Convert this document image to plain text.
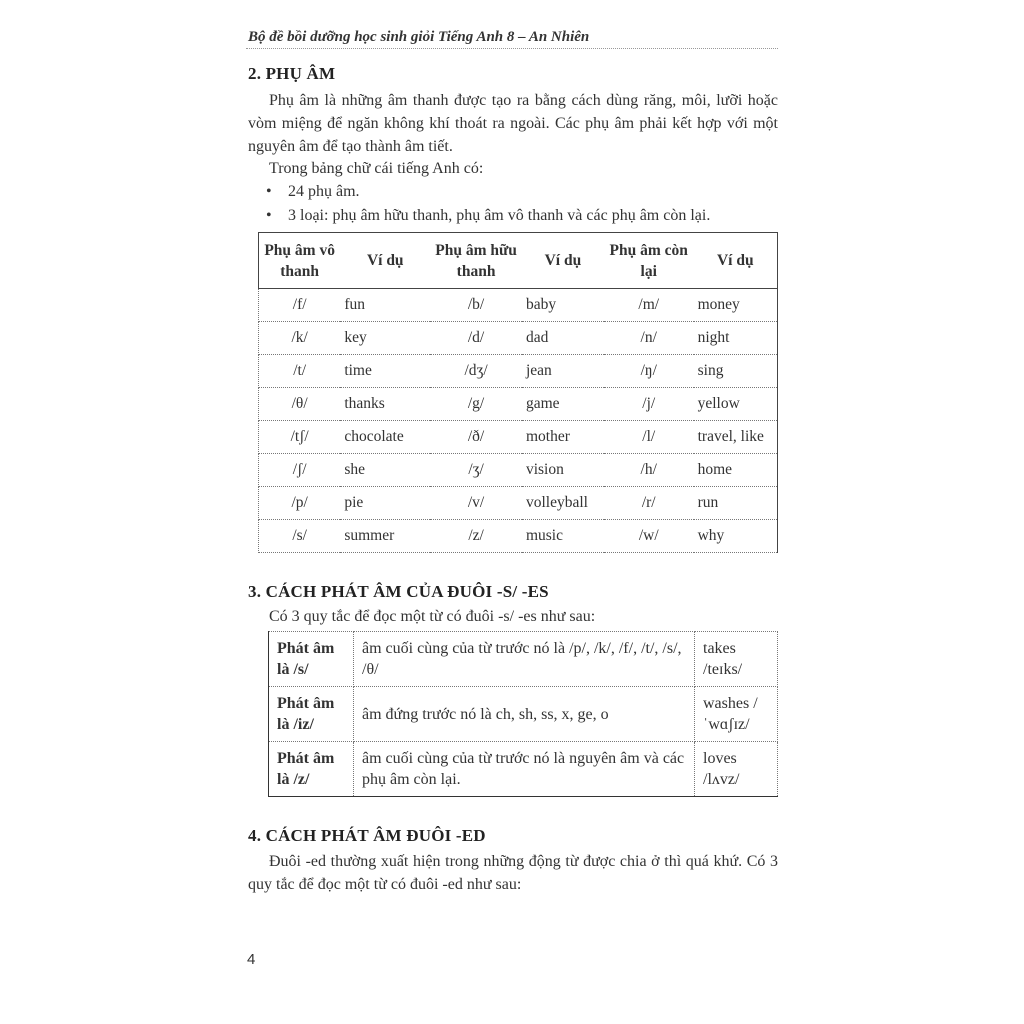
Bộ đề bồi dưỡng học sinh giỏi Tiếng Anh 8 – An Nhiên
2. PHỤ ÂM
Phụ âm là những âm thanh được tạo ra bằng cách dùng răng, môi, lưỡi hoặc vòm miệng để ngăn không khí thoát ra ngoài. Các phụ âm phải kết hợp với một nguyên âm để tạo thành âm tiết.
Trong bảng chữ cái tiếng Anh có:
• 24 phụ âm.
• 3 loại: phụ âm hữu thanh, phụ âm vô thanh và các phụ âm còn lại.
Phụ âm vô thanh	Ví dụ	Phụ âm hữu thanh	Ví dụ	Phụ âm còn lại	Ví dụ
/f/	fun	/b/	baby	/m/	money
/k/	key	/d/	dad	/n/	night
/t/	time	/dʒ/	jean	/ŋ/	sing
/θ/	thanks	/g/	game	/j/	yellow
/tʃ/	chocolate	/ð/	mother	/l/	travel, like
/ʃ/	she	/ʒ/	vision	/h/	home
/p/	pie	/v/	volleyball	/r/	run
/s/	summer	/z/	music	/w/	why
3. CÁCH PHÁT ÂM CỦA ĐUÔI -S/ -ES
Có 3 quy tắc để đọc một từ có đuôi -s/ -es như sau:
Phát âm là /s/	âm cuối cùng của từ trước nó là /p/, /k/, /f/, /t/, /s/, /θ/	takes /teɪks/
Phát âm là /iz/	âm đứng trước nó là ch, sh, ss, x, ge, o	washes /ˈwɑʃɪz/
Phát âm là /z/	âm cuối cùng của từ trước nó là nguyên âm và các phụ âm còn lại.	loves /lʌvz/
4. CÁCH PHÁT ÂM ĐUÔI -ED
Đuôi -ed thường xuất hiện trong những động từ được chia ở thì quá khứ. Có 3 quy tắc để đọc một từ có đuôi -ed như sau:
4
